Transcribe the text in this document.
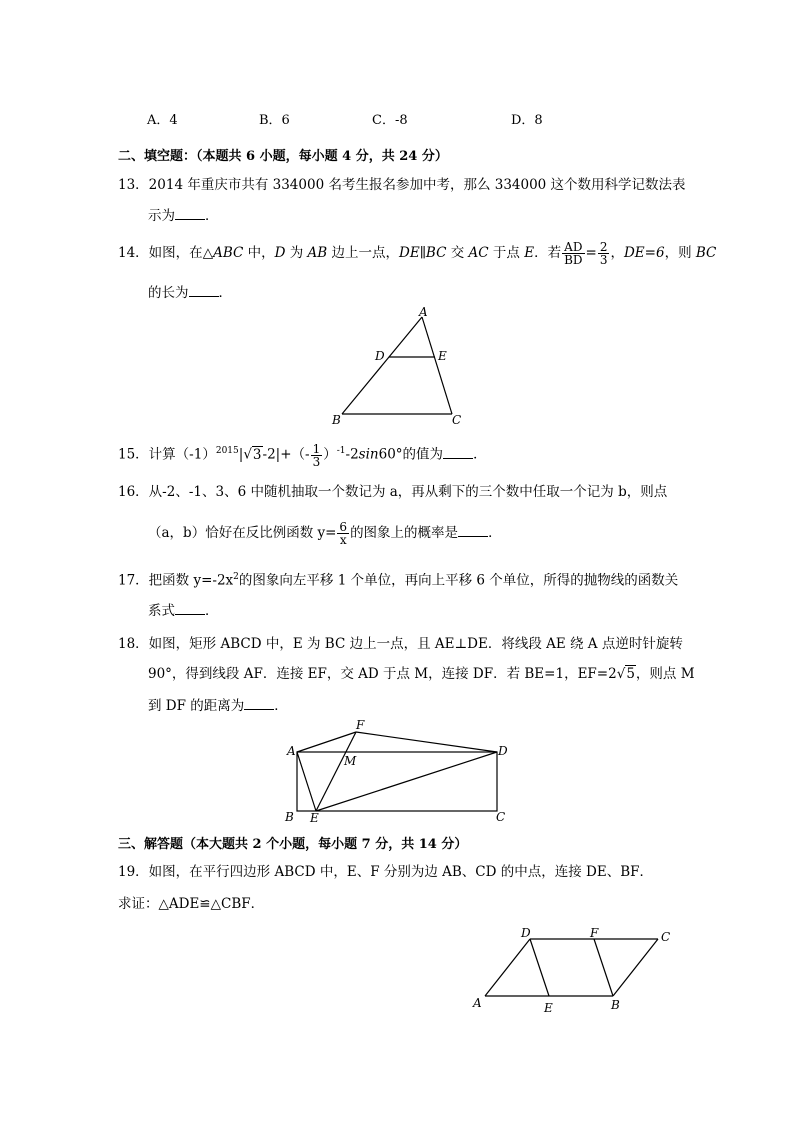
A．4	B．6	C．-8	D．8
二、填空题：（本题共 6 小题，每小题 4 分，共 24 分）
13．2014 年重庆市共有 334000 名考生报名参加中考，那么 334000 这个数用科学记数法表
示为 ．
14．如图，在△ABC 中，D 为 AB 边上一点，DE∥BC 交 AC 于点 E．若 $\frac{AD}{BD} = \frac{2}{3}$ ，DE=6，则 BC
的长为 ．
A
D	E
B	C
15．计算$(-1)^{2015}|√3-2|+(- \frac{1}{3} )^{-1}-2\sin 60^\circ$的值为 ．
16．从-2、-1、3、6 中随机抽取一个数记为 a，再从剩下的三个数中任取一个记为 b，则点
（a，b）恰好在反比例函数 $y= \frac{6}{x}$ 的图象上的概率是 ．
17．把函数 $y=-2x^2$的图象向左平移 1 个单位，再向上平移 6 个单位，所得的抛物线的函数关
系式 ．
18．如图，矩形 ABCD 中，E 为 BC 边上一点，且 AE⊥DE．将线段 AE 绕 A 点逆时针旋转
90°，得到线段 AF．连接 EF，交 AD 于点 M，连接 DF．若 BE=1，EF=2√5，则点 M
到 DF 的距离为 ．
F
A
M
D
B E	C
三、解答题（本大题共 2 个小题，每小题 7 分，共 14 分）
19．如图，在平行四边形 ABCD 中，E、F 分别为边 AB、CD 的中点，连接 DE、BF．
求证：△ADE≌△CBF．
D	F	C
A	E	B
